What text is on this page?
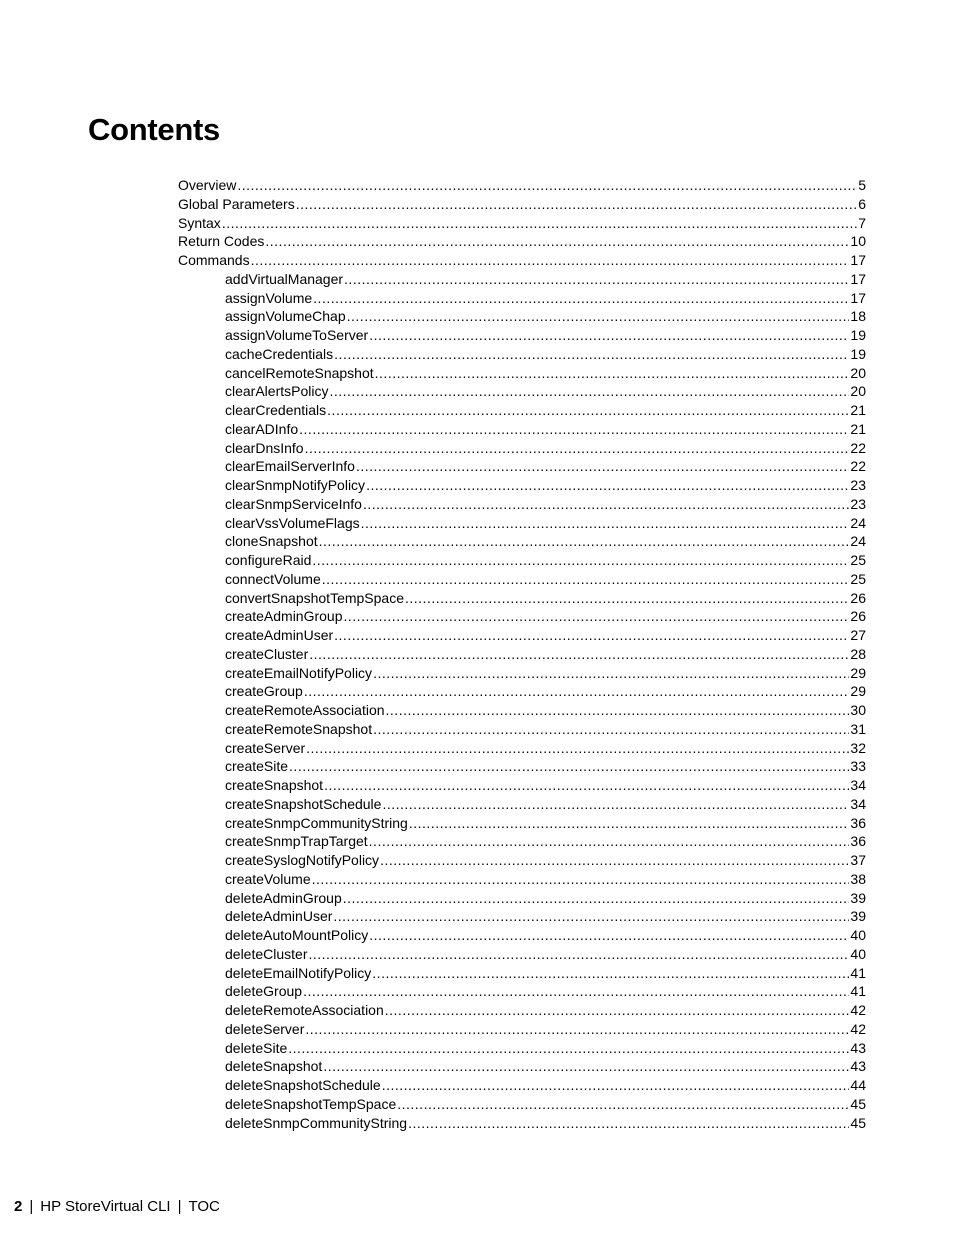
Contents
Overview .....	5
Global Parameters .....	6
Syntax .....	7
Return Codes .....	10
Commands .....	17
addVirtualManager .....	17
assignVolume .....	17
assignVolumeChap .....	18
assignVolumeToServer .....	19
cacheCredentials .....	19
cancelRemoteSnapshot .....	20
clearAlertsPolicy .....	20
clearCredentials .....	21
clearADInfo .....	21
clearDnsInfo .....	22
clearEmailServerInfo .....	22
clearSnmpNotifyPolicy .....	23
clearSnmpServiceInfo .....	23
clearVssVolumeFlags .....	24
cloneSnapshot .....	24
configureRaid .....	25
connectVolume .....	25
convertSnapshotTempSpace .....	26
createAdminGroup .....	26
createAdminUser .....	27
createCluster .....	28
createEmailNotifyPolicy .....	29
createGroup .....	29
createRemoteAssociation .....	30
createRemoteSnapshot .....	31
createServer .....	32
createSite .....	33
createSnapshot .....	34
createSnapshotSchedule .....	34
createSnmpCommunityString .....	36
createSnmpTrapTarget .....	36
createSyslogNotifyPolicy .....	37
createVolume .....	38
deleteAdminGroup .....	39
deleteAdminUser .....	39
deleteAutoMountPolicy .....	40
deleteCluster .....	40
deleteEmailNotifyPolicy .....	41
deleteGroup .....	41
deleteRemoteAssociation .....	42
deleteServer .....	42
deleteSite .....	43
deleteSnapshot .....	43
deleteSnapshotSchedule .....	44
deleteSnapshotTempSpace .....	45
deleteSnmpCommunityString .....	45
2 | HP StoreVirtual CLI | TOC
